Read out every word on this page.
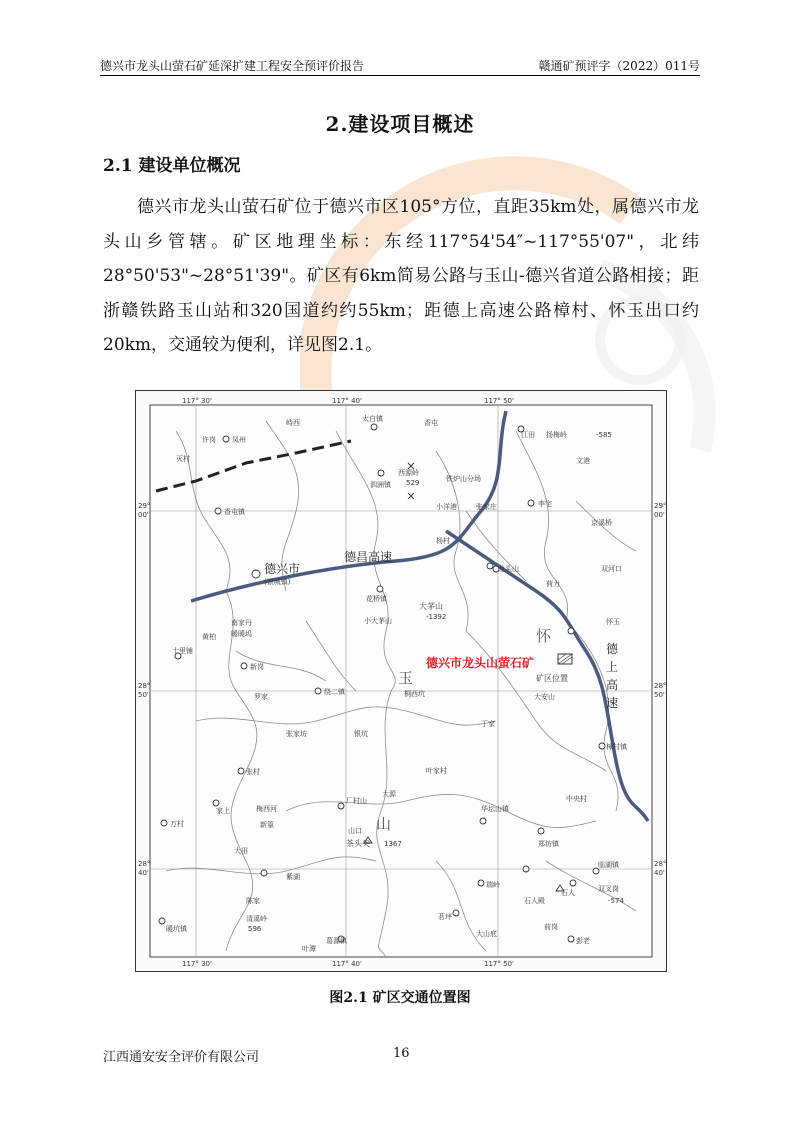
德兴市龙头山萤石矿延深扩建工程安全预评价报告	赣通矿预评字（2022）011号
2.建设项目概述
2.1 建设单位概况
德兴市龙头山萤石矿位于德兴市区105°方位，直距35km处，属德兴市龙头山乡管辖。矿区地理坐标：东经117°54'54″~117°55'07"，北纬28°50'53"~28°51'39"。矿区有6km简易公路与玉山-德兴省道公路相接；距浙赣铁路玉山站和320国道约约55km；距德上高速公路樟村、怀玉出口约20km，交通较为便利，详见图2.1。
117° 30'	117° 40'	117° 50'
117° 30'	117° 40'	117° 50'
29°
00'
29°
00'
28°
50'
28°
50'
28°
40'
28°
40'
德昌高速
德
上
高
速
德兴市
(银城镇)
德兴市龙头山萤石矿
矿区位置
怀
玉
山
许岗 凤州
峙西	太白镇	香屯
江田 扬梅岭	-585
文港
灭村
西源岭
529	铁炉山分场
泗洲镇
小洋港	张家庄	李宅
京溪桥
香屯镇
杨村
龙头山
荷力
双河口
花桥镇
大茅山
-1392
小大茅山	怀玉
南家丹
暖暖坞
十里铺
新岗
黄柏
罗家
绕二镇	桐西坑	大安山
丁家
樟村镇
张家坊	银坑
叶家村
张村
华坛山镇
中央村
家上	梅西河
厂村山
大源
万村	新篁
郑坊镇
山口
大田
茶头尖 1367
临湖镇
瑞岭
石人	双叉岗
-574
石人殿
陈家
紫湖
茗坪
前岗
大山底
清溪岭
596
葛源镇	彭老
叶潭
暖坑镇
图2.1 矿区交通位置图
江西通安安全评价有限公司	16
